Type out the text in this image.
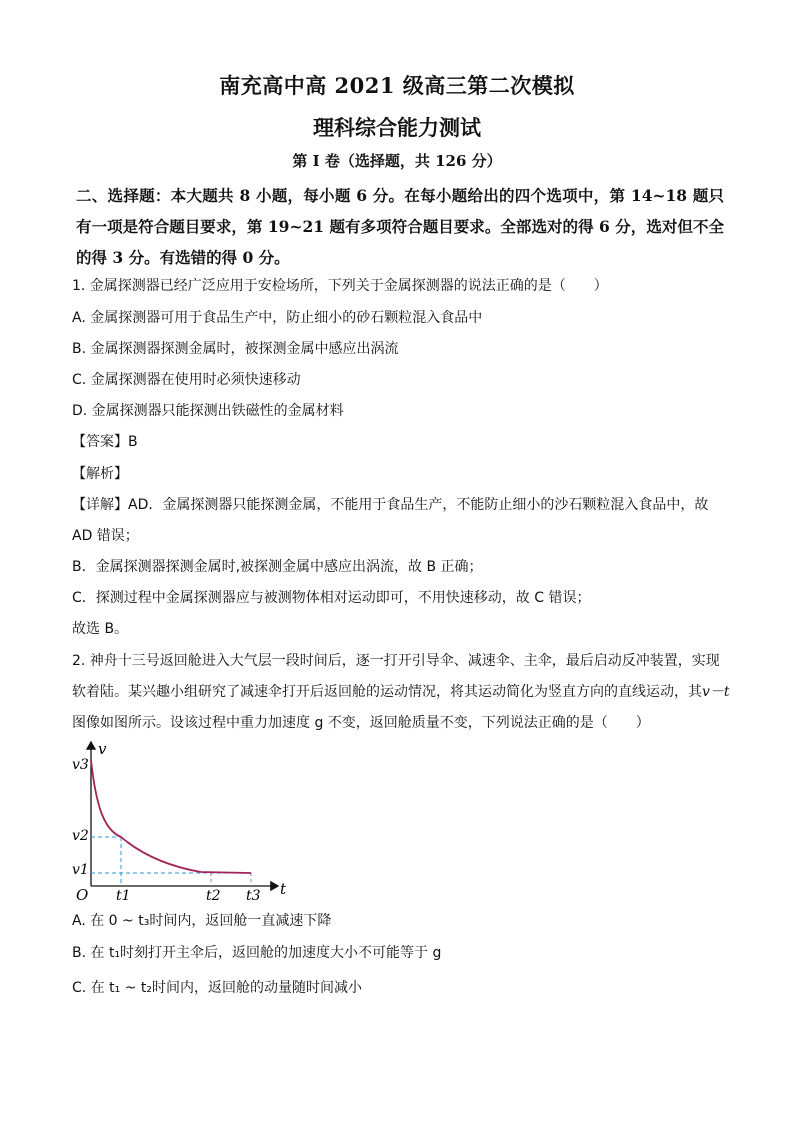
南充高中高 2021 级高三第二次模拟
理科综合能力测试
第 I 卷（选择题，共 126 分）
二、选择题：本大题共 8 小题，每小题 6 分。在每小题给出的四个选项中，第 14~18 题只有一项是符合题目要求，第 19~21 题有多项符合题目要求。全部选对的得 6 分，选对但不全的得 3 分。有选错的得 0 分。
1. 金属探测器已经广泛应用于安检场所，下列关于金属探测器的说法正确的是（　　）
A. 金属探测器可用于食品生产中，防止细小的砂石颗粒混入食品中
B. 金属探测器探测金属时，被探测金属中感应出涡流
C. 金属探测器在使用时必须快速移动
D. 金属探测器只能探测出铁磁性的金属材料
【答案】B
【解析】
【详解】AD．金属探测器只能探测金属，不能用于食品生产，不能防止细小的沙石颗粒混入食品中，故
AD 错误；
B．金属探测器探测金属时,被探测金属中感应出涡流，故 B 正确；
C．探测过程中金属探测器应与被测物体相对运动即可，不用快速移动，故 C 错误；
故选 B。
2. 神舟十三号返回舱进入大气层一段时间后，逐一打开引导伞、减速伞、主伞，最后启动反冲装置，实现
软着陆。某兴趣小组研究了减速伞打开后返回舱的运动情况，将其运动简化为竖直方向的直线运动，其v－t
图像如图所示。设该过程中重力加速度 g 不变，返回舱质量不变，下列说法正确的是（　　）
v
t
O
v3
v2
v1
t1	t2 t3
A. 在 0 ~ t₃时间内，返回舱一直减速下降
B. 在 t₁时刻打开主伞后，返回舱的加速度大小不可能等于 g
C. 在 t₁ ~ t₂时间内，返回舱的动量随时间减小
